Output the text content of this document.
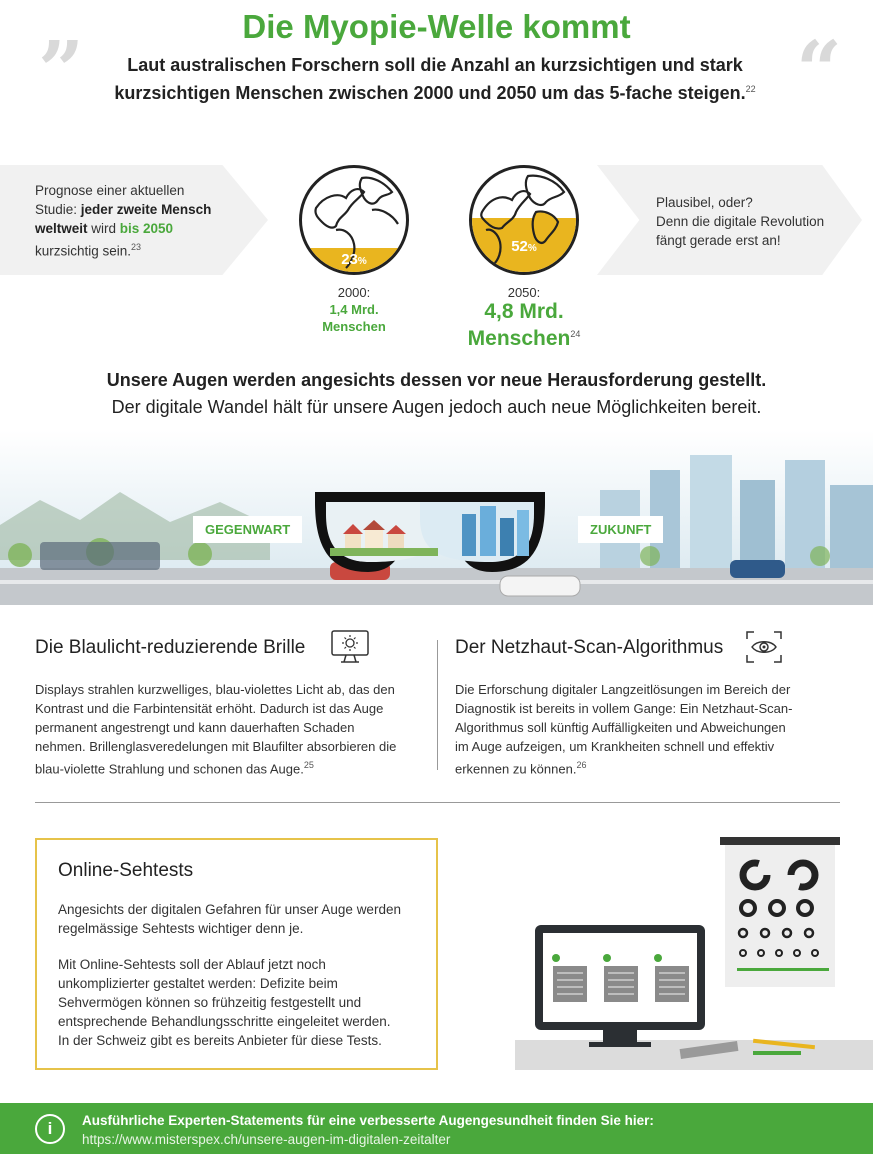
Die Myopie-Welle kommt
”	“
Laut australischen Forschern soll die Anzahl an kurzsichtigen und stark
kurzsichtigen Menschen zwischen 2000 und 2050 um das 5-fache steigen.$^{22}$
Prognose einer aktuellen
Studie: jeder zweite Mensch
weltweit wird bis 2050
kurzsichtig sein.$^{23}$
Plausibel, oder?
Denn die digitale Revolution
fängt gerade erst an!
23%
2000:
1,4 Mrd.
Menschen
52%
2050:
4,8 Mrd.
Menschen$^{24}$
Unsere Augen werden angesichts dessen vor neue Herausforderung gestellt.
Der digitale Wandel hält für unsere Augen jedoch auch neue Möglichkeiten bereit.
GEGENWART	ZUKUNFT
Die Blaulicht-reduzierende Brille
Displays strahlen kurzwelliges, blau-violettes Licht ab, das den
Kontrast und die Farbintensität erhöht. Dadurch ist das Auge
permanent angestrengt und kann dauerhaften Schaden
nehmen. Brillenglasveredelungen mit Blaufilter absorbieren die
blau-violette Strahlung und schonen das Auge.$^{25}$
Der Netzhaut-Scan-Algorithmus
Die Erforschung digitaler Langzeitlösungen im Bereich der
Diagnostik ist bereits in vollem Gange: Ein Netzhaut-Scan-
Algorithmus soll künftig Auffälligkeiten und Abweichungen
im Auge aufzeigen, um Krankheiten schnell und effektiv
erkennen zu können.$^{26}$
Online-Sehtests
Angesichts der digitalen Gefahren für unser Auge werden
regelmässige Sehtests wichtiger denn je.
Mit Online-Sehtests soll der Ablauf jetzt noch
unkomplizierter gestaltet werden: Defizite beim
Sehvermögen können so frühzeitig festgestellt und
entsprechende Behandlungsschritte eingeleitet werden.
In der Schweiz gibt es bereits Anbieter für diese Tests.
i	Ausführliche Experten-Statements für eine verbesserte Augengesundheit finden Sie hier:
https://www.misterspex.ch/unsere-augen-im-digitalen-zeitalter
